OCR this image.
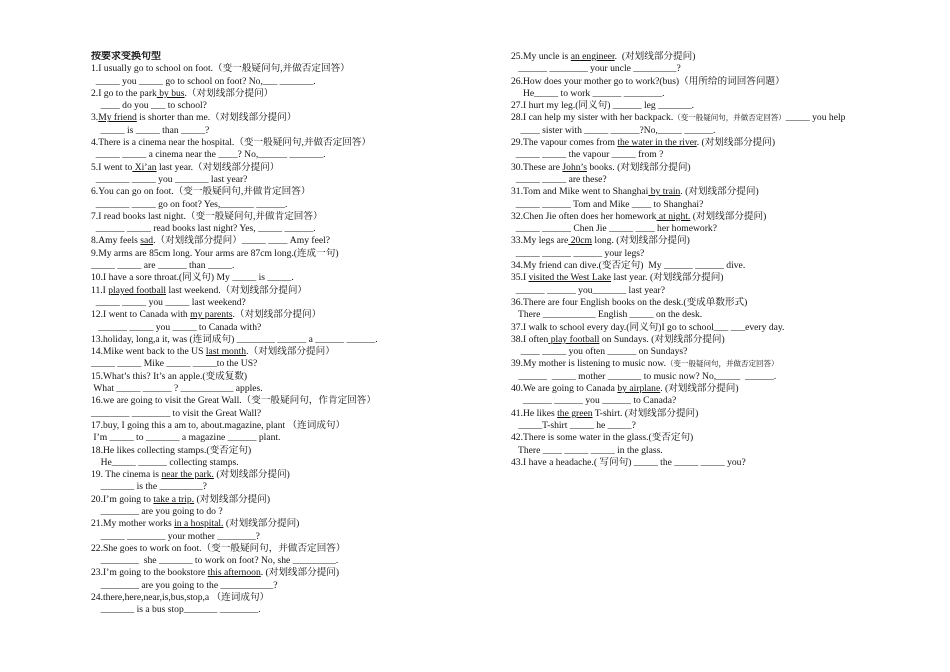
按要求变换句型
1.I usually go to school on foot.（变一般疑问句,并做否定回答）
_____ you _____ go to school on foot? No,___ _______.
2.I go to the park by bus.（对划线部分提问）
____ do you ___ to school?
3.My friend is shorter than me.（对划线部分提问）
_____ is _____ than _____?
4.There is a cinema near the hospital.（变一般疑问句,并做否定回答）
_____ _____ a cinema near the ____? No,______ _______.
5.I went to Xi’an last year.（对划线部分提问）
_______ _____ you _______ last year?
6.You can go on foot.（变一般疑问句,并做肯定回答）
_______ _____ go on foot? Yes,_______ ______.
7.I read books last night.（变一般疑问句,并做肯定回答）
______ _____ read books last night? Yes, _____ ______.
8.Amy feels sad.（对划线部分提问）_____ ____ Amy feel?
9.My arms are 85cm long. Your arms are 87cm long.(连成一句)
_____ _____ are ______ than _____.
10.I have a sore throat.(同义句) My _____ is _____.
11.I played football last weekend.（对划线部分提问）
_____ _____ you _____ last weekend?
12.I went to Canada with my parents.（对划线部分提问）
______ _____ you _____ to Canada with?
13.holiday, long,a it, was (连词成句) ________ ______ a ______ ______.
14.Mike went back to the US last month.（对划线部分提问）
_____ _____ Mike _____ _____to the US?
15.What’s this? It’s an apple.(变成复数)
What _____ ______ ? ___________ apples.
16.we are going to visit the Great Wall.（变一般疑问句，作肯定回答）
________ ________ to visit the Great Wall?
17.buy, I going this a am to, about.magazine, plant （连词成句）
I’m _____ to _______ a magazine ______ plant.
18.He likes collecting stamps.(变否定句)
He_____ ______ collecting stamps.
19. The cinema is near the park. (对划线部分提问)
_______ is the _________?
20.I’m going to take a trip. (对划线部分提问)
________ are you going to do ?
21.My mother works in a hospital. (对划线部分提问)
_____ ________ your mother ________?
22.She goes to work on foot.（变一般疑问句，并做否定回答）
________  she _______ to work on foot? No, she _________.
23.I’m going to the bookstore this afternoon. (对划线部分提问)
________ are you going to the ___________?
24.there,here,near,is,bus,stop,a （连词成句）
_______ is a bus stop_______ ________.
25.My uncle is an engineer.  (对划线部分提问)
______ ________ your uncle _________?
26.How does your mother go to work?(bus)（用所给的词回答问题）
He_____ to work ______ ________.
27.I hurt my leg.(同义句) ______ leg _______.
28.I can help my sister with her backpack.（变一般疑问句，并做否定回答）_____ you help
____ sister with _____ ______?No,_____ ______.
29.The vapour comes from the water in the river. (对划线部分提问)
_____ _____ the vapour _____ from ?
30.These are John’s books. (对划线部分提问)
_____ _____ are these?
31.Tom and Mike went to Shanghai by train. (对划线部分提问)
_____ ______ Tom and Mike ____ to Shanghai?
32.Chen Jie often does her homework at night. (对划线部分提问)
_____ ______ Chen Jie _____ ____ her homework?
33.My legs are 20cm long. (对划线部分提问)
_____ ______ ______ your legs?
34.My friend can dive.(变否定句)  My ______ ______ dive.
35.I visited the West Lake last year. (对划线部分提问)
______ ______ you_______ last year?
36.There are four English books on the desk.(变成单数形式)
There ___________ English _____ on the desk.
37.I walk to school every day.(同义句)I go to school___ ___every day.
38.I often play football on Sundays. (对划线部分提问)
____ _____ you often ______ on Sundays?
39.My mother is listening to music now.（变一般疑问句，并做否定回答）
______  _____ mother _______ to music now? No,_____  ______.
40.We are going to Canada by airplane. (对划线部分提问)
______ ______ you ______ to Canada?
41.He likes the green T-shirt. (对划线部分提问)
_____T-shirt _____ he _____?
42.There is some water in the glass.(变否定句)
There ____ _____ _____ in the glass.
43.I have a headache.( 写问句) _____ the _____ _____ you?
